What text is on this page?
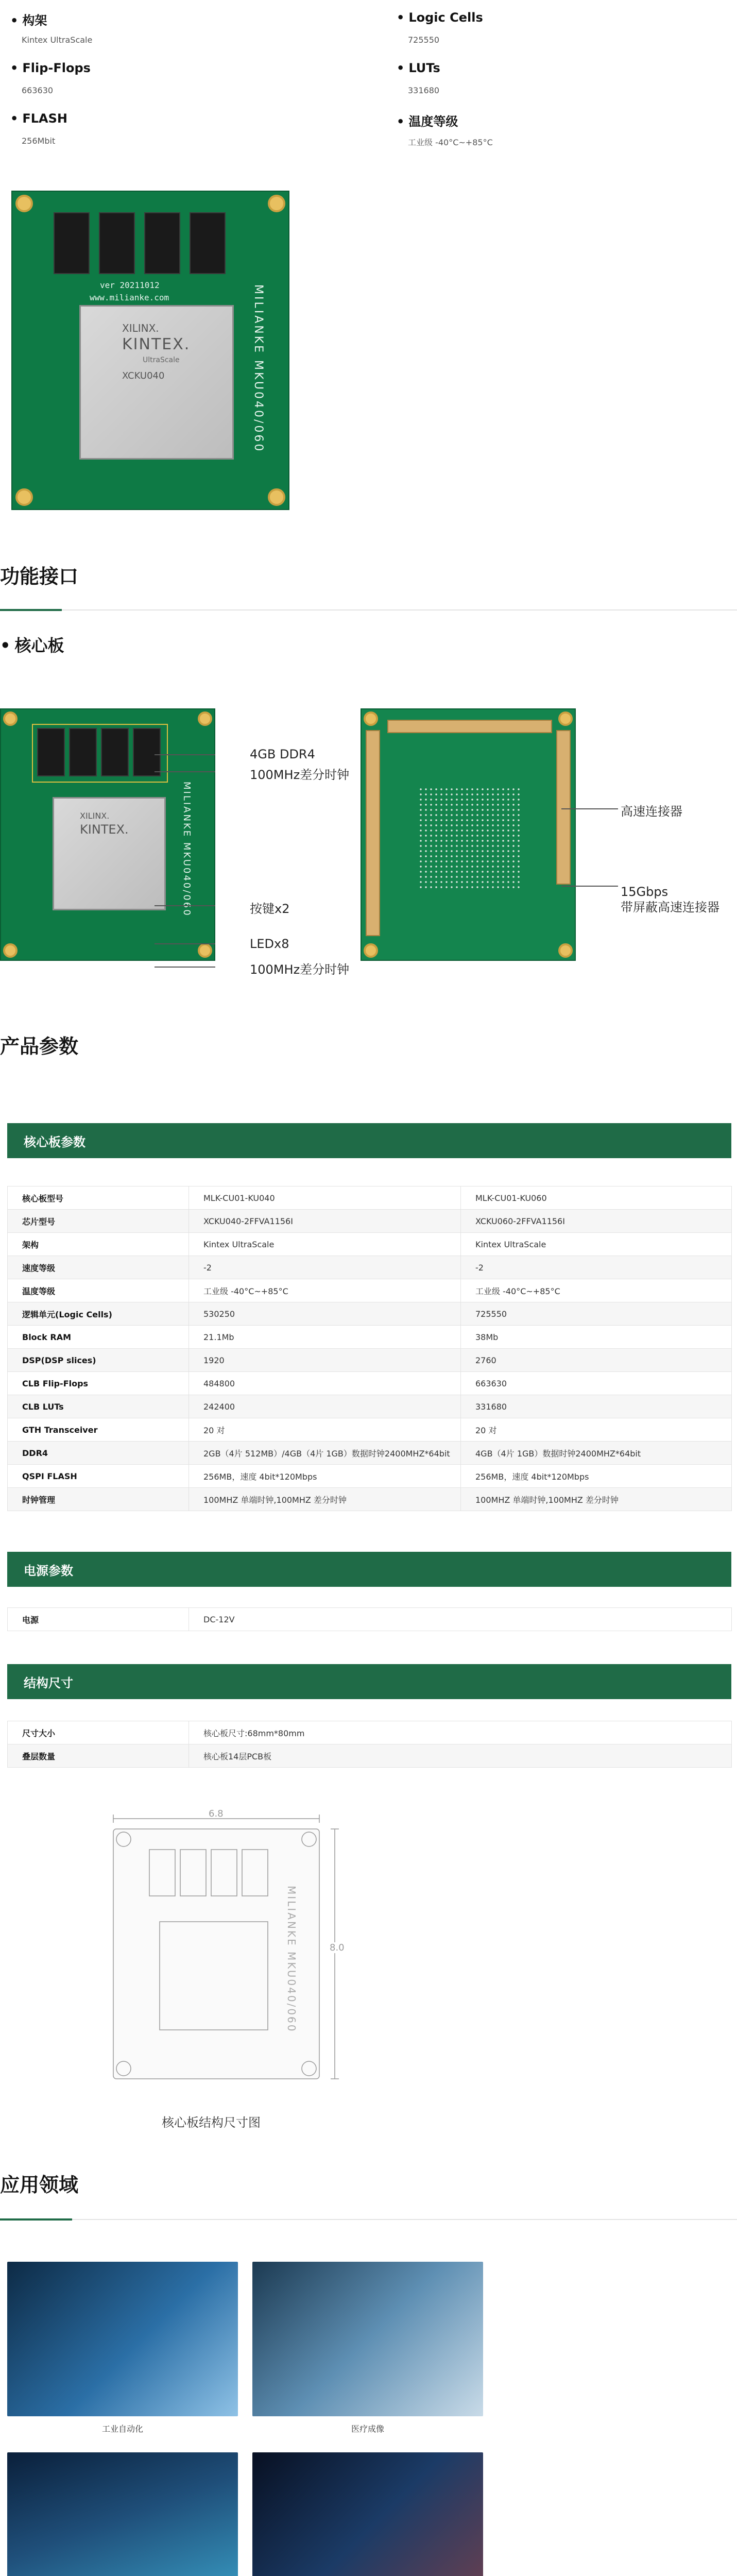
• 构架
Kintex UltraScale
• Logic Cells
725550
• Flip-Flops
663630
• LUTs
331680
• FLASH
256Mbit
• 温度等级
工业级 -40°C~+85°C
ver 20211012
www.milianke.com
XILINX.
KINTEX.
UltraScale
XCKU040	MILIANKE MKU040/060
功能接口
• 核心板
XILINX.
KINTEX.	MILIANKE MKU040/060
4GB DDR4
100MHz差分时钟
按键x2
LEDx8
100MHz差分时钟
高速连接器
15Gbps
带屏蔽高速连接器
产品参数
核心板参数
核心板型号	MLK-CU01-KU040	MLK-CU01-KU060
芯片型号	XCKU040-2FFVA1156I	XCKU060-2FFVA1156I
架构	Kintex UltraScale	Kintex UltraScale
速度等级	-2	-2
温度等级	工业级 -40°C~+85°C	工业级 -40°C~+85°C
逻辑单元(Logic Cells)	530250	725550
Block RAM	21.1Mb	38Mb
DSP(DSP slices)	1920	2760
CLB Flip-Flops	484800	663630
CLB LUTs	242400	331680
GTH Transceiver	20 对	20 对
DDR4	2GB（4片 512MB）/4GB（4片 1GB）数据时钟2400MHZ*64bit	4GB（4片 1GB）数据时钟2400MHZ*64bit
QSPI FLASH	256MB，速度 4bit*120Mbps	256MB，速度 4bit*120Mbps
时钟管理	100MHZ 单端时钟,100MHZ 差分时钟	100MHZ 单端时钟,100MHZ 差分时钟
电源参数
电源	DC-12V
结构尺寸
尺寸大小	核心板尺寸:68mm*80mm
叠层数量	核心板14层PCB板
6.8
8.0
MILIANKE MKU040/060
核心板结构尺寸图
应用领域
工业自动化	医疗成像
